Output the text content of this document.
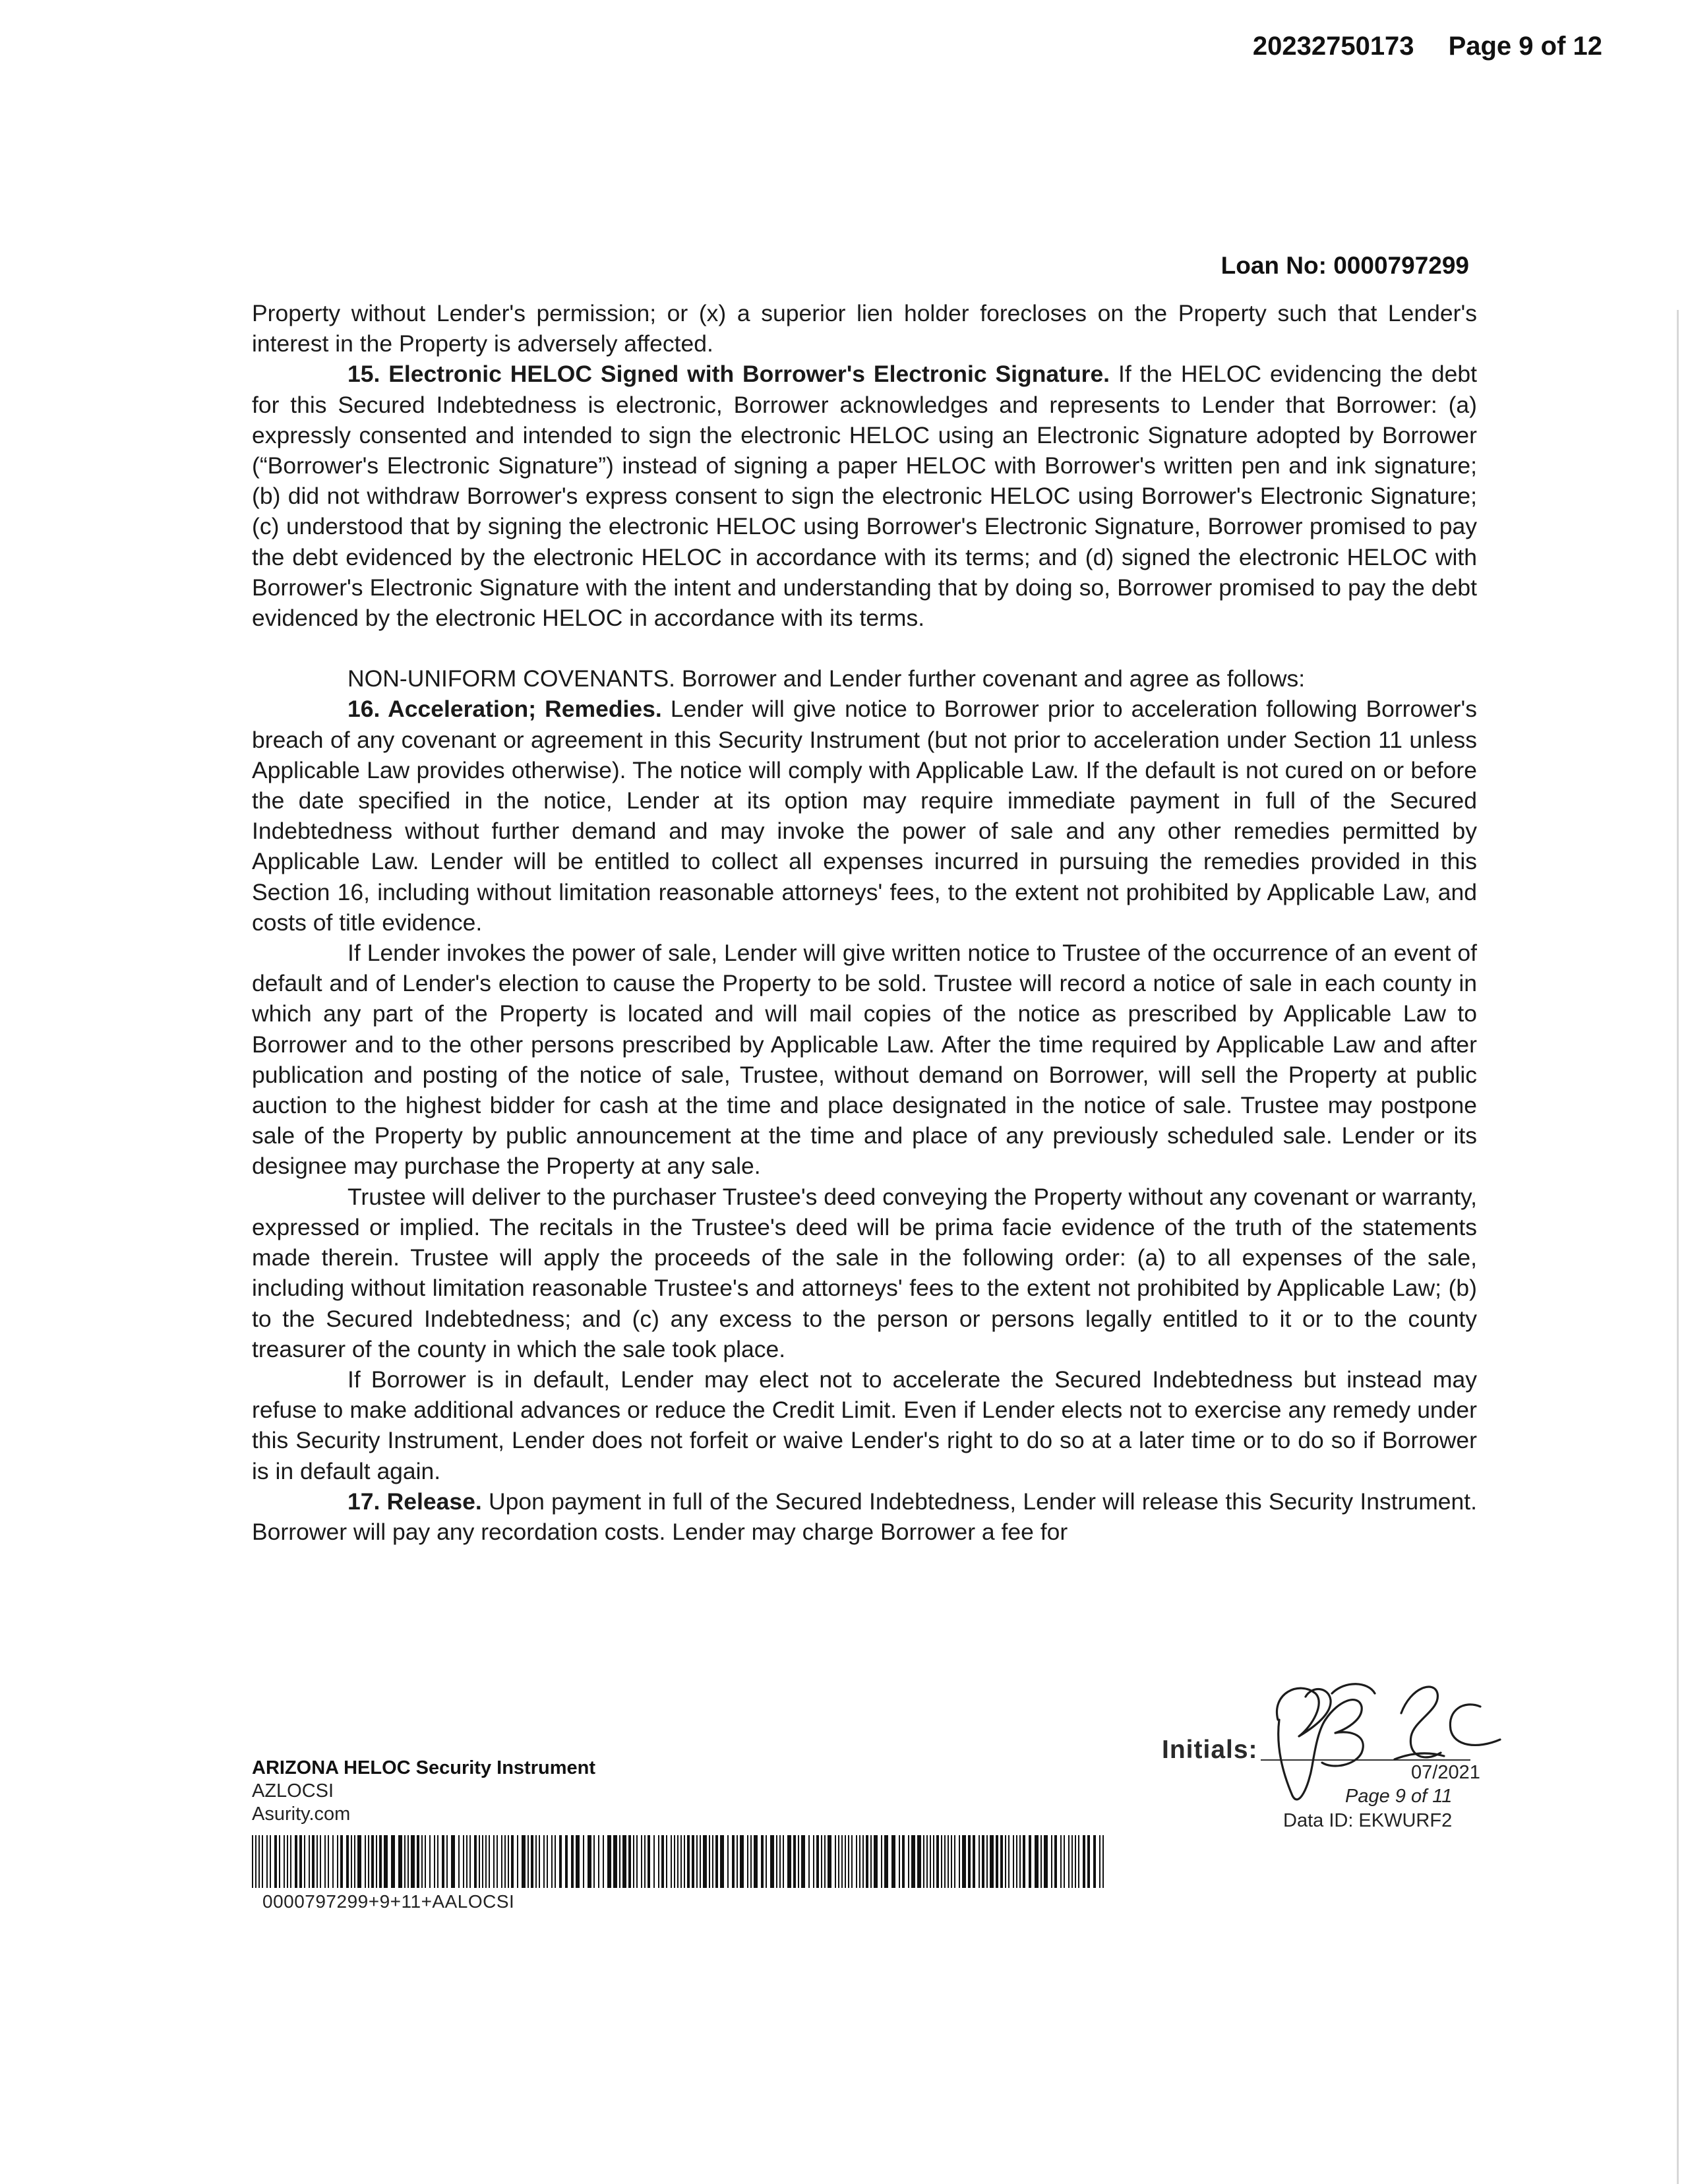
20232750173 Page 9 of 12
Loan No: 0000797299

Property without Lender's permission; or (x) a superior lien holder forecloses on the Property such that Lender's interest in the Property is adversely affected.

15. Electronic HELOC Signed with Borrower's Electronic Signature. If the HELOC evidencing the debt for this Secured Indebtedness is electronic, Borrower acknowledges and represents to Lender that Borrower: (a) expressly consented and intended to sign the electronic HELOC using an Electronic Signature adopted by Borrower (“Borrower's Electronic Signature”) instead of signing a paper HELOC with Borrower's written pen and ink signature; (b) did not withdraw Borrower's express consent to sign the electronic HELOC using Borrower's Electronic Signature; (c) understood that by signing the electronic HELOC using Borrower's Electronic Signature, Borrower promised to pay the debt evidenced by the electronic HELOC in accordance with its terms; and (d) signed the electronic HELOC with Borrower's Electronic Signature with the intent and understanding that by doing so, Borrower promised to pay the debt evidenced by the electronic HELOC in accordance with its terms.

NON-UNIFORM COVENANTS. Borrower and Lender further covenant and agree as follows:

16. Acceleration; Remedies. Lender will give notice to Borrower prior to acceleration following Borrower's breach of any covenant or agreement in this Security Instrument (but not prior to acceleration under Section 11 unless Applicable Law provides otherwise). The notice will comply with Applicable Law. If the default is not cured on or before the date specified in the notice, Lender at its option may require immediate payment in full of the Secured Indebtedness without further demand and may invoke the power of sale and any other remedies permitted by Applicable Law. Lender will be entitled to collect all expenses incurred in pursuing the remedies provided in this Section 16, including without limitation reasonable attorneys' fees, to the extent not prohibited by Applicable Law, and costs of title evidence.

If Lender invokes the power of sale, Lender will give written notice to Trustee of the occurrence of an event of default and of Lender's election to cause the Property to be sold. Trustee will record a notice of sale in each county in which any part of the Property is located and will mail copies of the notice as prescribed by Applicable Law to Borrower and to the other persons prescribed by Applicable Law. After the time required by Applicable Law and after publication and posting of the notice of sale, Trustee, without demand on Borrower, will sell the Property at public auction to the highest bidder for cash at the time and place designated in the notice of sale. Trustee may postpone sale of the Property by public announcement at the time and place of any previously scheduled sale. Lender or its designee may purchase the Property at any sale.

Trustee will deliver to the purchaser Trustee's deed conveying the Property without any covenant or warranty, expressed or implied. The recitals in the Trustee's deed will be prima facie evidence of the truth of the statements made therein. Trustee will apply the proceeds of the sale in the following order: (a) to all expenses of the sale, including without limitation reasonable Trustee's and attorneys' fees to the extent not prohibited by Applicable Law; (b) to the Secured Indebtedness; and (c) any excess to the person or persons legally entitled to it or to the county treasurer of the county in which the sale took place.

If Borrower is in default, Lender may elect not to accelerate the Secured Indebtedness but instead may refuse to make additional advances or reduce the Credit Limit. Even if Lender elects not to exercise any remedy under this Security Instrument, Lender does not forfeit or waive Lender's right to do so at a later time or to do so if Borrower is in default again.

17. Release. Upon payment in full of the Secured Indebtedness, Lender will release this Security Instrument. Borrower will pay any recordation costs. Lender may charge Borrower a fee for

Initials:
07/2021
Page 9 of 11
Data ID: EKWURF2
ARIZONA HELOC Security Instrument
AZLOCSI
Asurity.com
0000797299+9+11+AALOCSI
